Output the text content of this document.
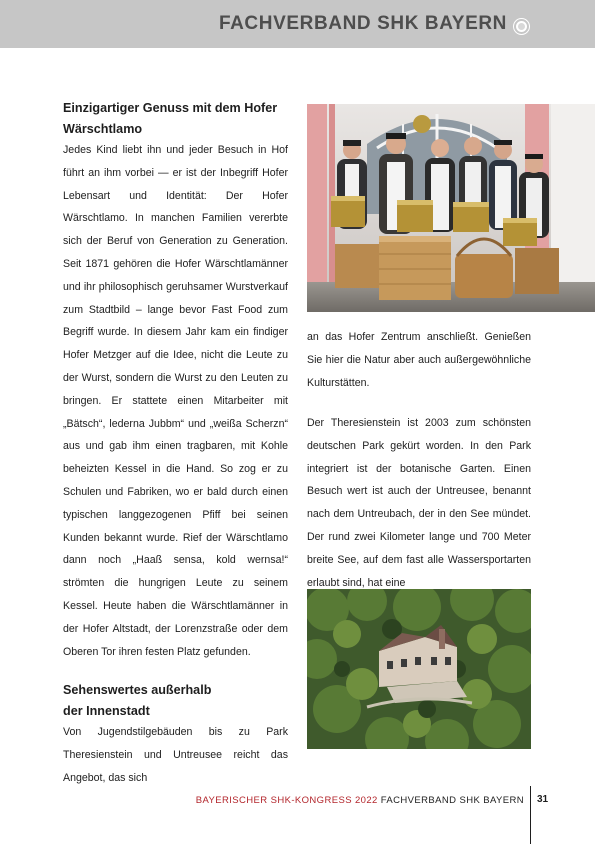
FACHVERBAND SHK BAYERN
Einzigartiger Genuss mit dem Hofer Wärschtlamo

Jedes Kind liebt ihn und jeder Besuch in Hof führt an ihm vorbei — er ist der Inbegriff Hofer Lebensart und Identität: Der Hofer Wärschtlamo. In manchen Familien vererbte sich der Beruf von Generation zu Generation. Seit 1871 gehören die Hofer Wärschtlamänner und ihr philosophisch geruhsamer Wurstverkauf zum Stadtbild – lange bevor Fast Food zum Begriff wurde. In diesem Jahr kam ein findiger Hofer Metzger auf die Idee, nicht die Leute zu der Wurst, sondern die Wurst zu den Leuten zu bringen. Er stattete einen Mitarbeiter mit „Bätsch“, lederna Jubbm“ und „weißa Scherzn“ aus und gab ihm einen tragbaren, mit Kohle beheizten Kessel in die Hand. So zog er zu Schulen und Fabriken, wo er bald durch einen typischen langgezogenen Pfiff bei seinen Kunden bekannt wurde. Rief der Wärschtlamo dann noch „Haaß sensa, kold wernsa!“ strömten die hungrigen Leute zu seinem Kessel. Heute haben die Wärschtlamänner in der Hofer Altstadt, der Lorenzstraße oder dem Oberen Tor ihren festen Platz gefunden.

Sehenswertes außerhalb
der Innenstadt

Von Jugendstilgebäuden bis zu Park Theresienstein und Untreusee reicht das Angebot, das sich

an das Hofer Zentrum anschließt. Genießen Sie hier die Natur aber auch außergewöhnliche Kulturstätten.

Der Theresienstein ist 2003 zum schönsten deutschen Park gekürt worden. In den Park integriert ist der botanische Garten. Einen Besuch wert ist auch der Untreusee, benannt nach dem Untreubach, der in den See mündet. Der rund zwei Kilometer lange und 700 Meter breite See, auf dem fast alle Wassersportarten erlaubt sind, hat eine

BAYERISCHER SHK-KONGRESS 2022 FACHVERBAND SHK BAYERN 31
